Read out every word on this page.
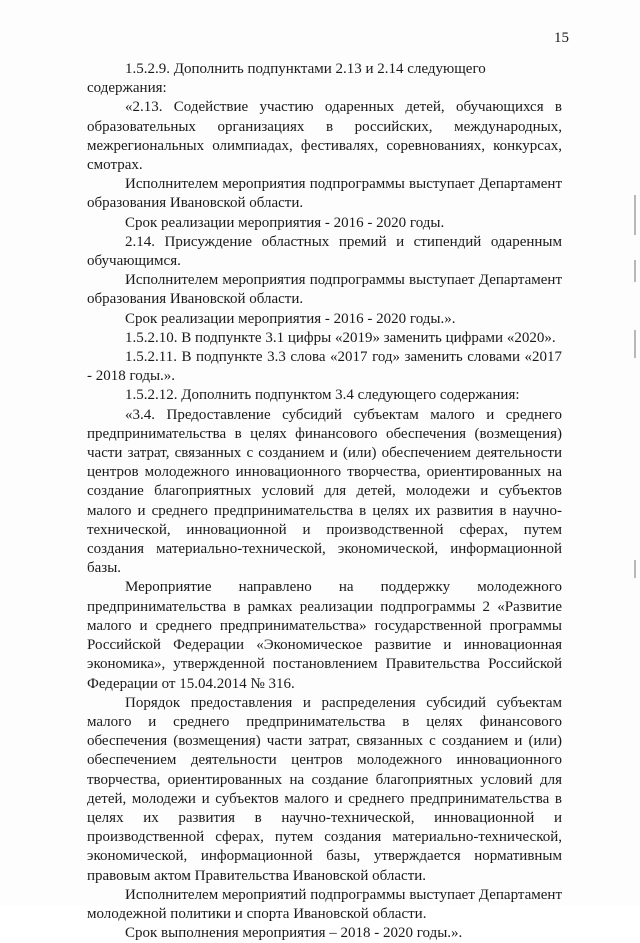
15

1.5.2.9. Дополнить подпунктами 2.13 и 2.14 следующего

содержания:

«2.13. Содействие участию одаренных детей, обучающихся в образовательных организациях в российских, международных, межрегиональных олимпиадах, фестивалях, соревнованиях, конкурсах, смотрах.

Исполнителем мероприятия подпрограммы выступает Департамент образования Ивановской области.

Срок реализации мероприятия - 2016 - 2020 годы.

2.14. Присуждение областных премий и стипендий одаренным обучающимся.

Исполнителем мероприятия подпрограммы выступает Департамент образования Ивановской области.

Срок реализации мероприятия - 2016 - 2020 годы.».

1.5.2.10. В подпункте 3.1 цифры «2019» заменить цифрами «2020».

1.5.2.11. В подпункте 3.3 слова «2017 год» заменить словами «2017 - 2018 годы.».

1.5.2.12. Дополнить подпунктом 3.4 следующего содержания:

«3.4. Предоставление субсидий субъектам малого и среднего предпринимательства в целях финансового обеспечения (возмещения) части затрат, связанных с созданием и (или) обеспечением деятельности центров молодежного инновационного творчества, ориентированных на создание благоприятных условий для детей, молодежи и субъектов малого и среднего предпринимательства в целях их развития в научно-технической, инновационной и производственной сферах, путем создания материально-технической, экономической, информационной базы.

Мероприятие направлено на поддержку молодежного предпринимательства в рамках реализации подпрограммы 2 «Развитие малого и среднего предпринимательства» государственной программы Российской Федерации «Экономическое развитие и инновационная экономика», утвержденной постановлением Правительства Российской Федерации от 15.04.2014 № 316.

Порядок предоставления и распределения субсидий субъектам малого и среднего предпринимательства в целях финансового обеспечения (возмещения) части затрат, связанных с созданием и (или) обеспечением деятельности центров молодежного инновационного творчества, ориентированных на создание благоприятных условий для детей, молодежи и субъектов малого и среднего предпринимательства в целях их развития в научно-технической, инновационной и производственной сферах, путем создания материально-технической, экономической, информационной базы, утверждается нормативным правовым актом Правительства Ивановской области.

Исполнителем мероприятий подпрограммы выступает Департамент молодежной политики и спорта Ивановской области.

Срок выполнения мероприятия – 2018 - 2020 годы.».
